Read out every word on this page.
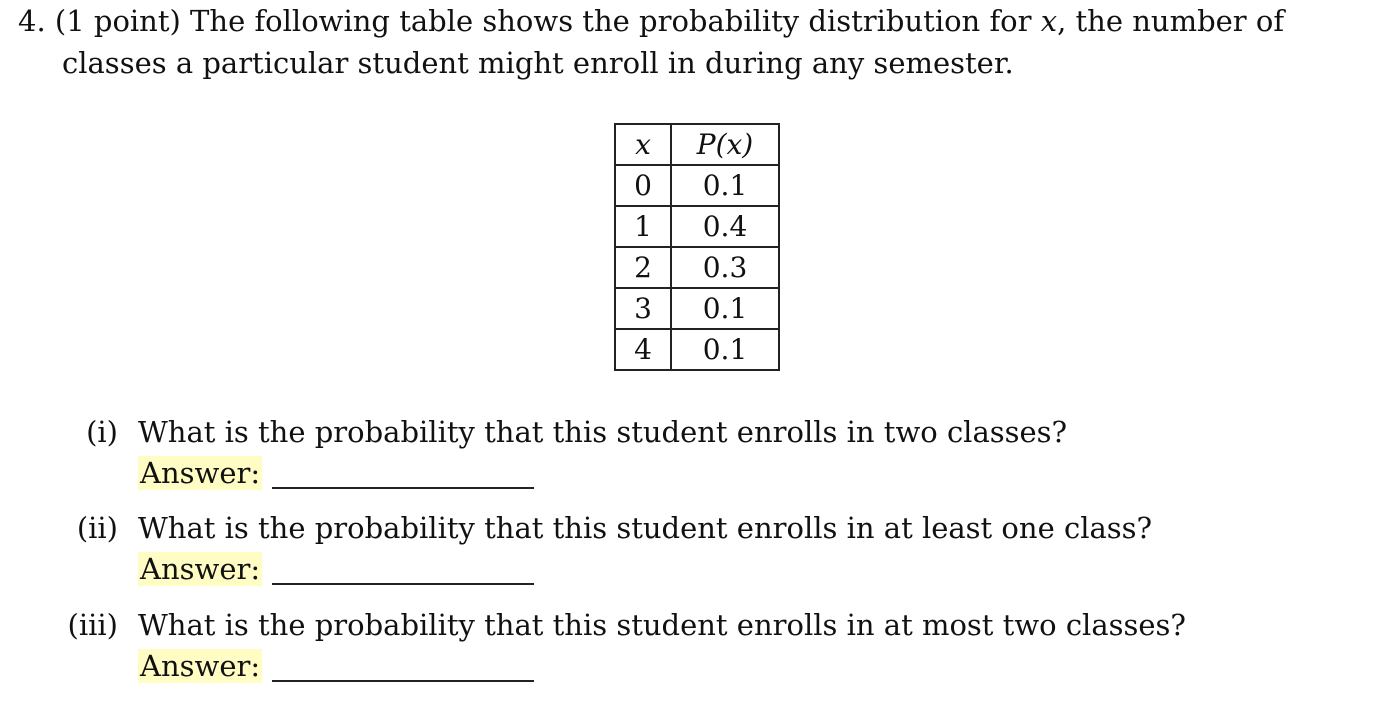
4. (1 point) The following table shows the probability distribution for x, the number of
classes a particular student might enroll in during any semester.
x	P(x)
0	0.1
1	0.4
2	0.3
3	0.1
4	0.1
(i) What is the probability that this student enrolls in two classes?
Answer:
(ii) What is the probability that this student enrolls in at least one class?
Answer:
(iii) What is the probability that this student enrolls in at most two classes?
Answer:
